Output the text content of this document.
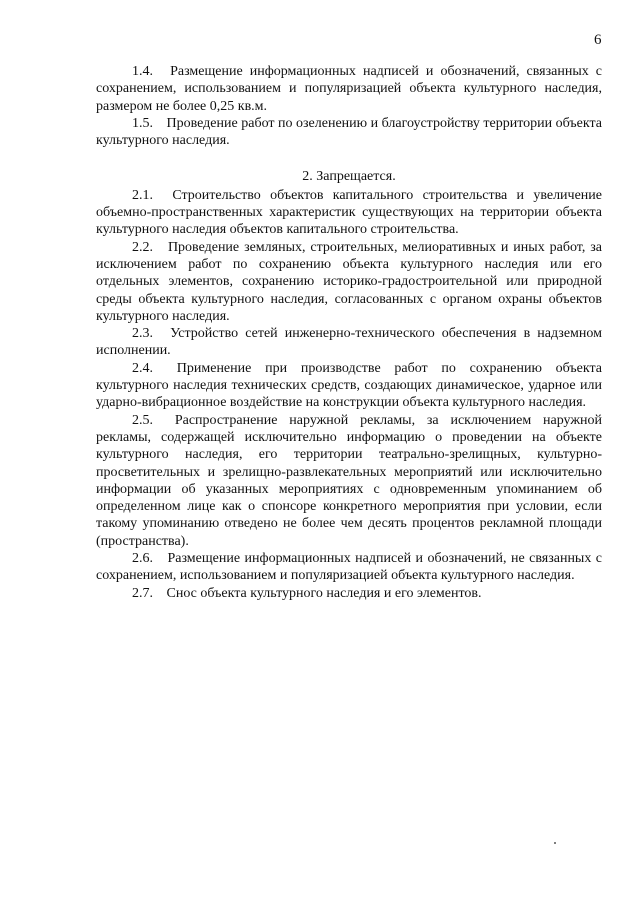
6

1.4. Размещение информационных надписей и обозначений, связанных с сохранением, использованием и популяризацией объекта культурного наследия, размером не более 0,25 кв.м.

1.5. Проведение работ по озеленению и благоустройству территории объекта культурного наследия.

2. Запрещается.

2.1. Строительство объектов капитального строительства и увеличение объемно-пространственных характеристик существующих на территории объекта культурного наследия объектов капитального строительства.

2.2. Проведение земляных, строительных, мелиоративных и иных работ, за исключением работ по сохранению объекта культурного наследия или его отдельных элементов, сохранению историко-градостроительной или природной среды объекта культурного наследия, согласованных с органом охраны объектов культурного наследия.

2.3. Устройство сетей инженерно-технического обеспечения в надземном исполнении.

2.4. Применение при производстве работ по сохранению объекта культурного наследия технических средств, создающих динамическое, ударное или ударно-вибрационное воздействие на конструкции объекта культурного наследия.

2.5. Распространение наружной рекламы, за исключением наружной рекламы, содержащей исключительно информацию о проведении на объекте культурного наследия, его территории театрально-зрелищных, культурно-просветительных и зрелищно-развлекательных мероприятий или исключительно информации об указанных мероприятиях с одновременным упоминанием об определенном лице как о спонсоре конкретного мероприятия при условии, если такому упоминанию отведено не более чем десять процентов рекламной площади (пространства).

2.6. Размещение информационных надписей и обозначений, не связанных с сохранением, использованием и популяризацией объекта культурного наследия.

2.7. Снос объекта культурного наследия и его элементов.
